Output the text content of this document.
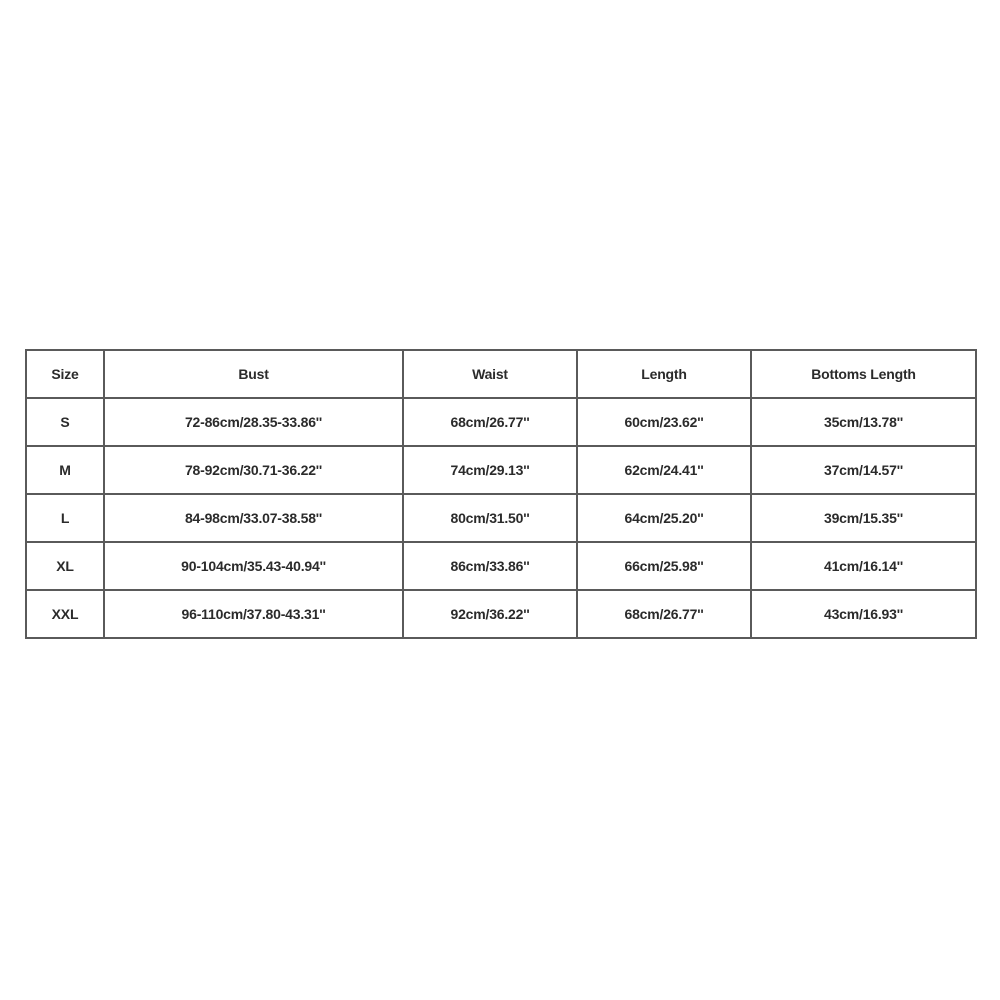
Size	Bust	Waist	Length	Bottoms Length
S	72-86cm/28.35-33.86''	68cm/26.77''	60cm/23.62''	35cm/13.78''
M	78-92cm/30.71-36.22''	74cm/29.13''	62cm/24.41''	37cm/14.57''
L	84-98cm/33.07-38.58''	80cm/31.50''	64cm/25.20''	39cm/15.35''
XL	90-104cm/35.43-40.94''	86cm/33.86''	66cm/25.98''	41cm/16.14''
XXL	96-110cm/37.80-43.31''	92cm/36.22''	68cm/26.77''	43cm/16.93''
